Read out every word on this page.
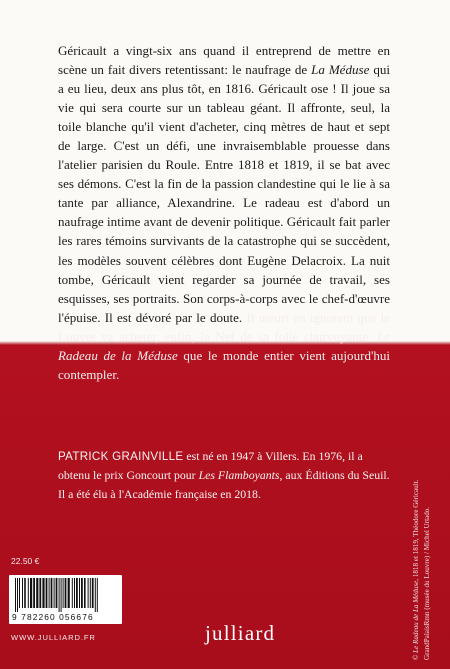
Géricault a vingt-six ans quand il entreprend de mettre en scène un fait divers retentissant: le naufrage de La Méduse qui a eu lieu, deux ans plus tôt, en 1816. Géricault ose ! Il joue sa vie qui sera courte sur un tableau géant. Il affronte, seul, la toile blanche qu'il vient d'acheter, cinq mètres de haut et sept de large. C'est un défi, une invraisemblable prouesse dans l'atelier parisien du Roule. Entre 1818 et 1819, il se bat avec ses démons. C'est la fin de la passion clandestine qui le lie à sa tante par alliance, Alexandrine. Le radeau est d'abord un naufrage intime avant de devenir politique. Géricault fait parler les rares témoins survivants de la catastrophe qui se succèdent, les modèles souvent célèbres dont Eugène Delacroix. La nuit tombe, Géricault vient regarder sa journée de travail, ses esquisses, ses portraits. Son corps-à-corps avec le chef-d'œuvre l'épuise. Il est dévoré par le doute. Il meurt en ignorant que le Louvre va acheter, enfin, la Nef de sa folie clairvoyante. Le Radeau de la Méduse que le monde entier vient aujourd'hui contempler.

PATRICK GRAINVILLE est né en 1947 à Villers. En 1976, il a obtenu le prix Goncourt pour Les Flamboyants, aux Éditions du Seuil. Il a été élu à l'Académie française en 2018.

22.50 €
9 782260 056676
WWW.JULLIARD.FR	julliard
© Le Radeau de La Méduse, 1818 et 1819, Théodore Géricault. GrandPalaisRmn (musée du Louvre) / Michel Urtado.
